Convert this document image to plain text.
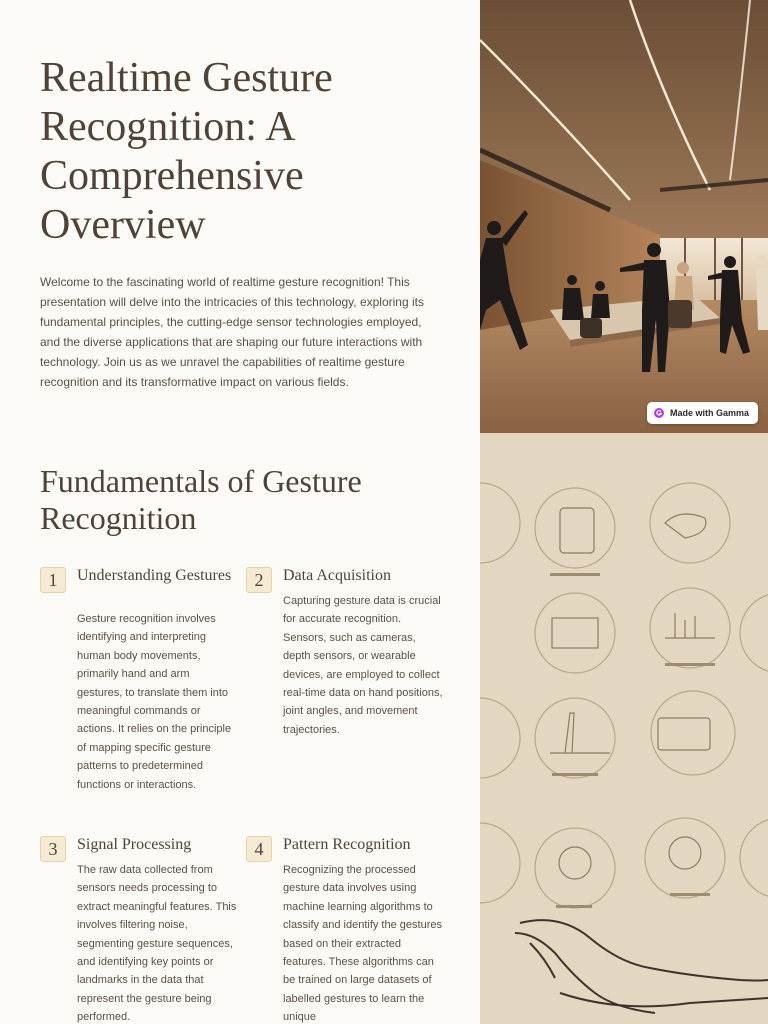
Realtime Gesture Recognition: A Comprehensive Overview

Welcome to the fascinating world of realtime gesture recognition! This presentation will delve into the intricacies of this technology, exploring its fundamental principles, the cutting-edge sensor technologies employed, and the diverse applications that are shaping our future interactions with technology. Join us as we unravel the capabilities of realtime gesture recognition and its transformative impact on various fields.

Made with Gamma
Fundamentals of Gesture Recognition
1	Understanding Gestures
Gesture recognition involves identifying and interpreting human body movements, primarily hand and arm gestures, to translate them into meaningful commands or actions. It relies on the principle of mapping specific gesture patterns to predetermined functions or interactions.
2	Data Acquisition
Capturing gesture data is crucial for accurate recognition. Sensors, such as cameras, depth sensors, or wearable devices, are employed to collect real-time data on hand positions, joint angles, and movement trajectories.
3	Signal Processing
The raw data collected from sensors needs processing to extract meaningful features. This involves filtering noise, segmenting gesture sequences, and identifying key points or landmarks in the data that represent the gesture being performed.
4	Pattern Recognition
Recognizing the processed gesture data involves using machine learning algorithms to classify and identify the gestures based on their extracted features. These algorithms can be trained on large datasets of labelled gestures to learn the unique
